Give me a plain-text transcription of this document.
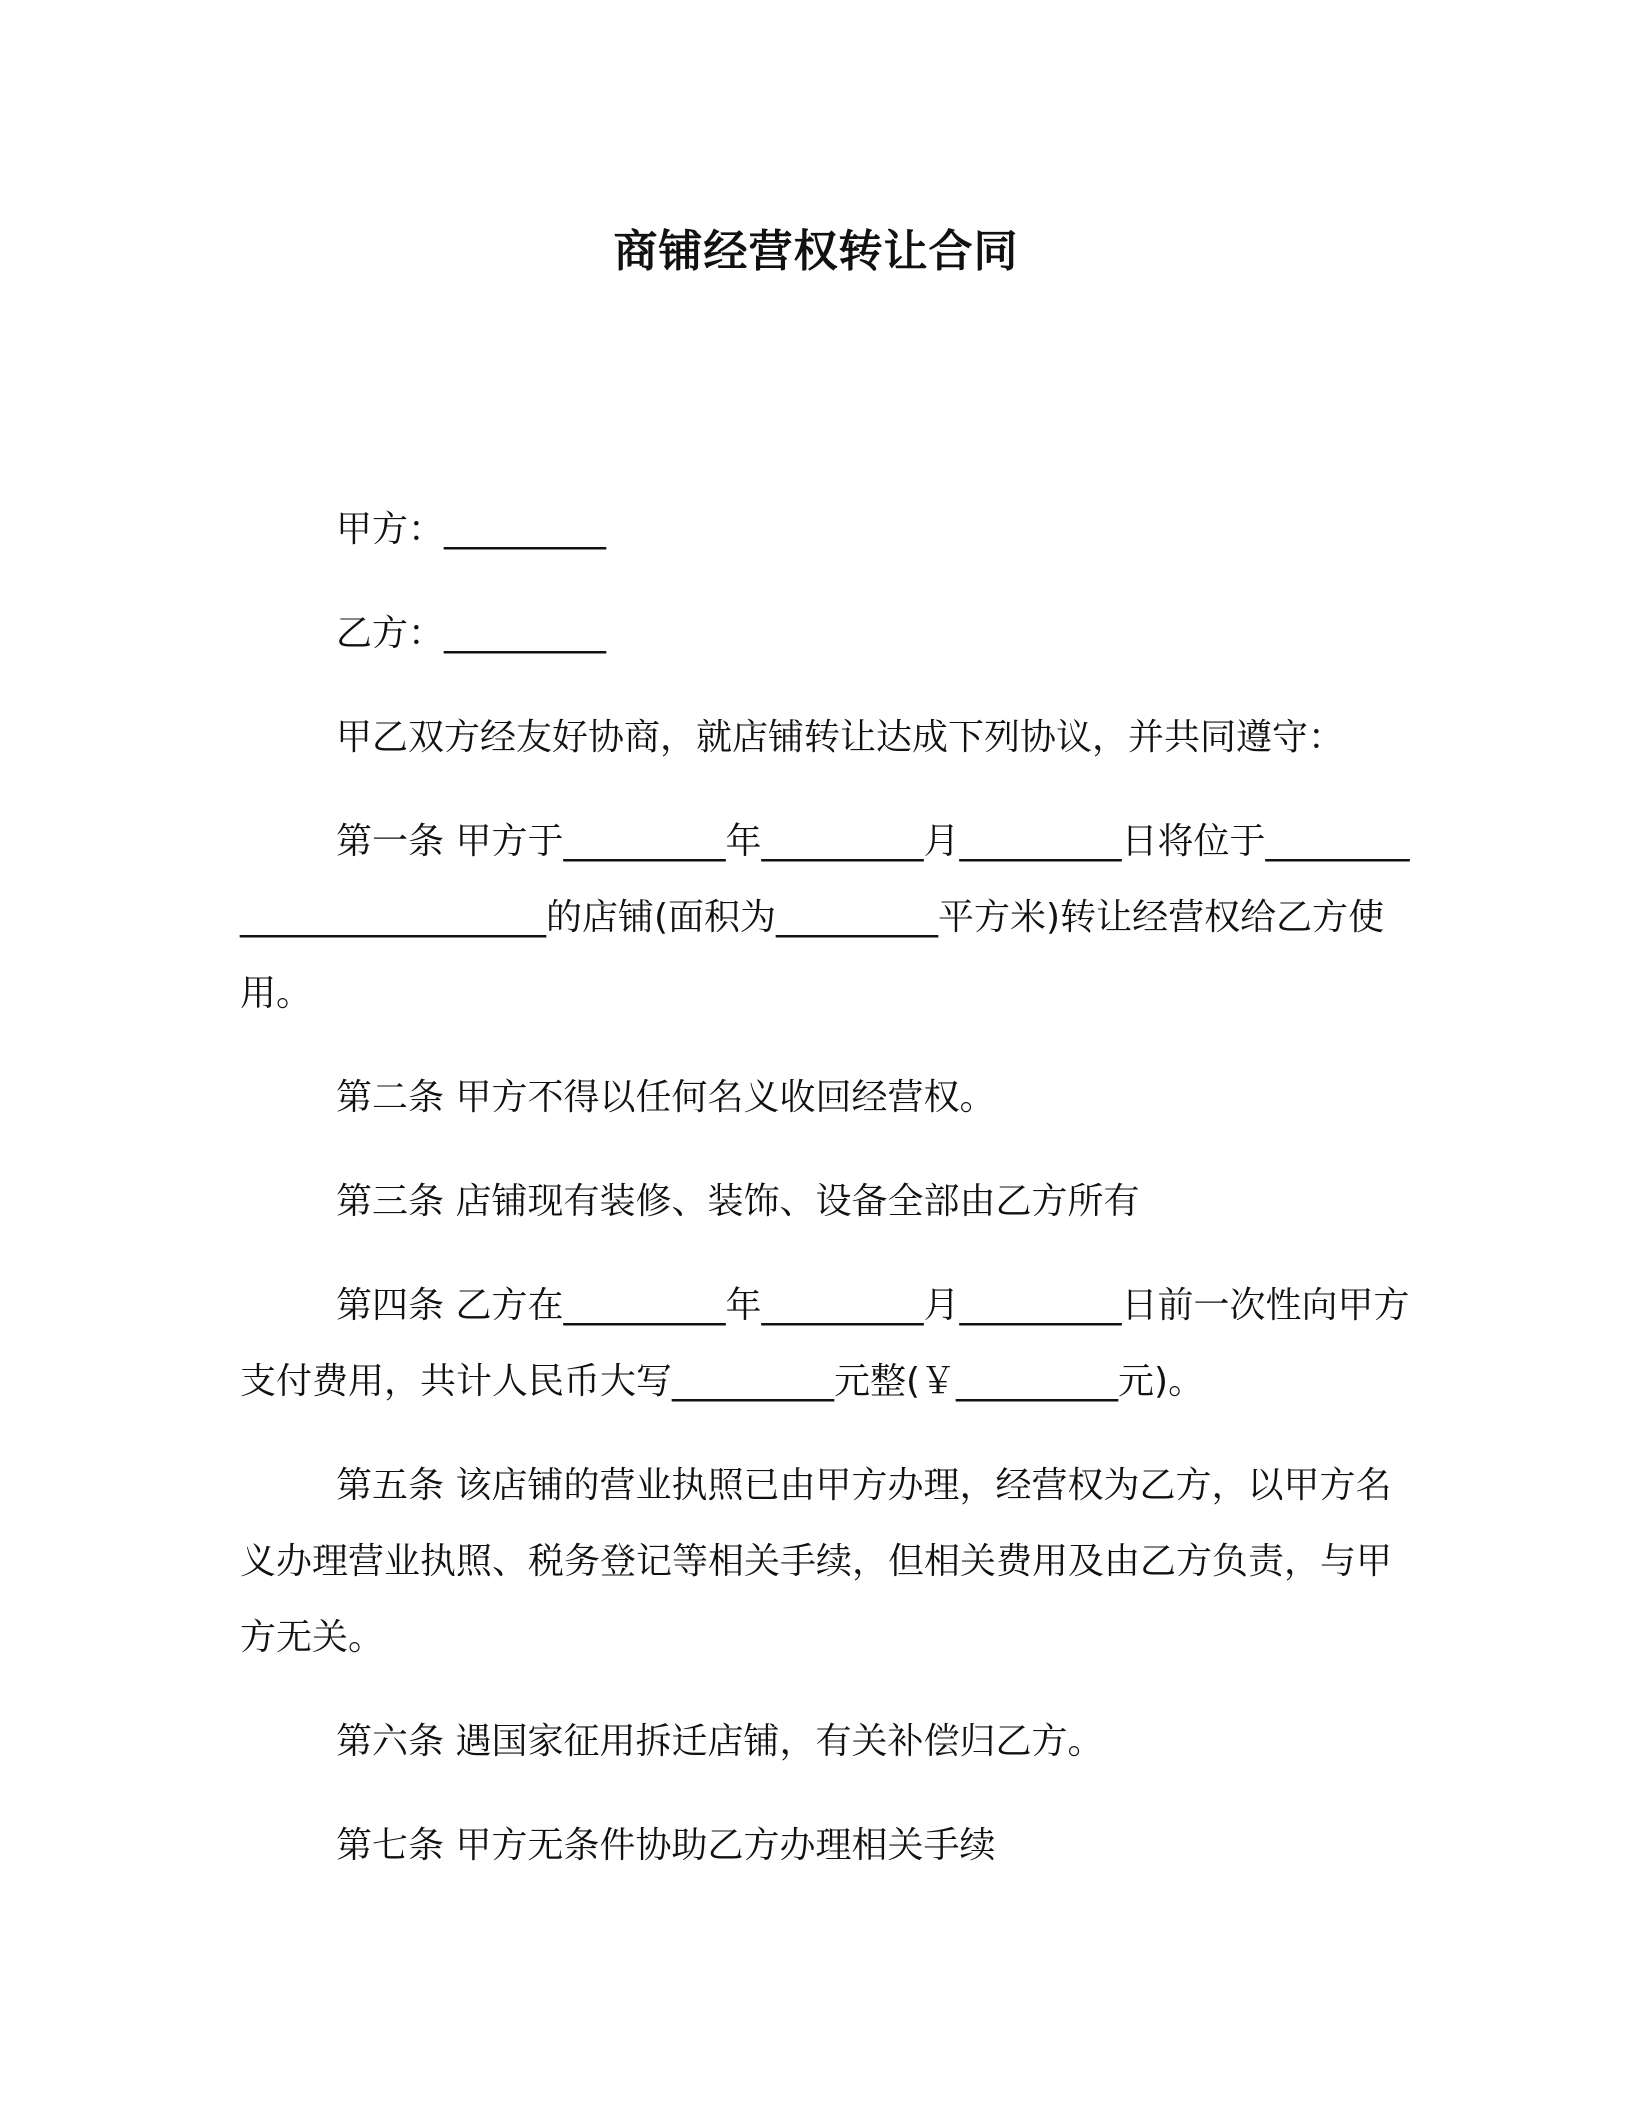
商铺经营权转让合同

甲方：_________

乙方：_________

甲乙双方经友好协商，就店铺转让达成下列协议，并共同遵守：

第一条 甲方于_________年_________月_________日将位于_________________________的店铺(面积为_________平方米)转让经营权给乙方使用。

第二条 甲方不得以任何名义收回经营权。

第三条 店铺现有装修、装饰、设备全部由乙方所有

第四条 乙方在_________年_________月_________日前一次性向甲方支付费用，共计人民币大写_________元整(￥_________元)。

第五条 该店铺的营业执照已由甲方办理，经营权为乙方，以甲方名义办理营业执照、税务登记等相关手续，但相关费用及由乙方负责，与甲方无关。

第六条 遇国家征用拆迁店铺，有关补偿归乙方。

第七条 甲方无条件协助乙方办理相关手续
